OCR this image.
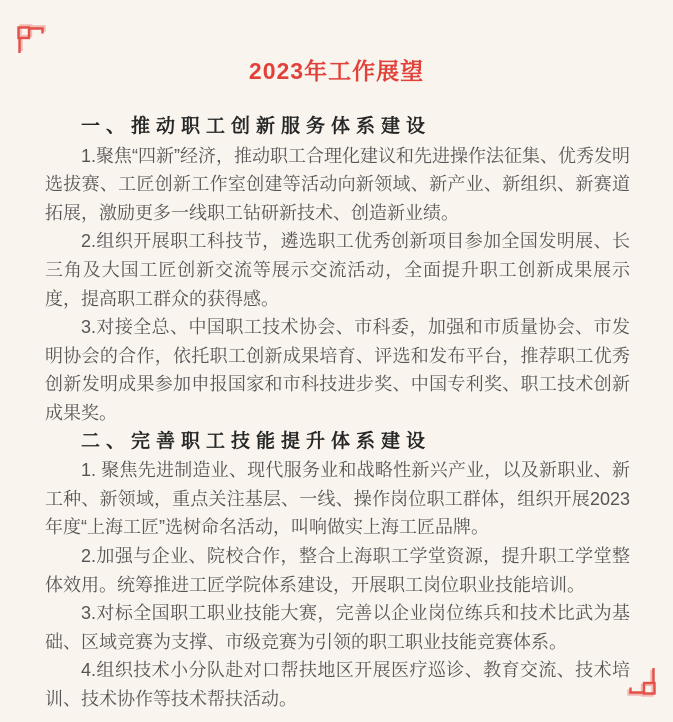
2023年工作展望
一、推动职工创新服务体系建设

1.聚焦“四新”经济，推动职工合理化建议和先进操作法征集、优秀发明选拔赛、工匠创新工作室创建等活动向新领域、新产业、新组织、新赛道拓展，激励更多一线职工钻研新技术、创造新业绩。

2.组织开展职工科技节，遴选职工优秀创新项目参加全国发明展、长三角及大国工匠创新交流等展示交流活动，全面提升职工创新成果展示度，提高职工群众的获得感。

3.对接全总、中国职工技术协会、市科委，加强和市质量协会、市发明协会的合作，依托职工创新成果培育、评选和发布平台，推荐职工优秀创新发明成果参加申报国家和市科技进步奖、中国专利奖、职工技术创新成果奖。

二、完善职工技能提升体系建设

1. 聚焦先进制造业、现代服务业和战略性新兴产业，以及新职业、新工种、新领域，重点关注基层、一线、操作岗位职工群体，组织开展2023年度“上海工匠”选树命名活动，叫响做实上海工匠品牌。

2.加强与企业、院校合作，整合上海职工学堂资源，提升职工学堂整体效用。统筹推进工匠学院体系建设，开展职工岗位职业技能培训。

3.对标全国职工职业技能大赛，完善以企业岗位练兵和技术比武为基础、区域竞赛为支撑、市级竞赛为引领的职工职业技能竞赛体系。

4.组织技术小分队赴对口帮扶地区开展医疗巡诊、教育交流、技术培训、技术协作等技术帮扶活动。
